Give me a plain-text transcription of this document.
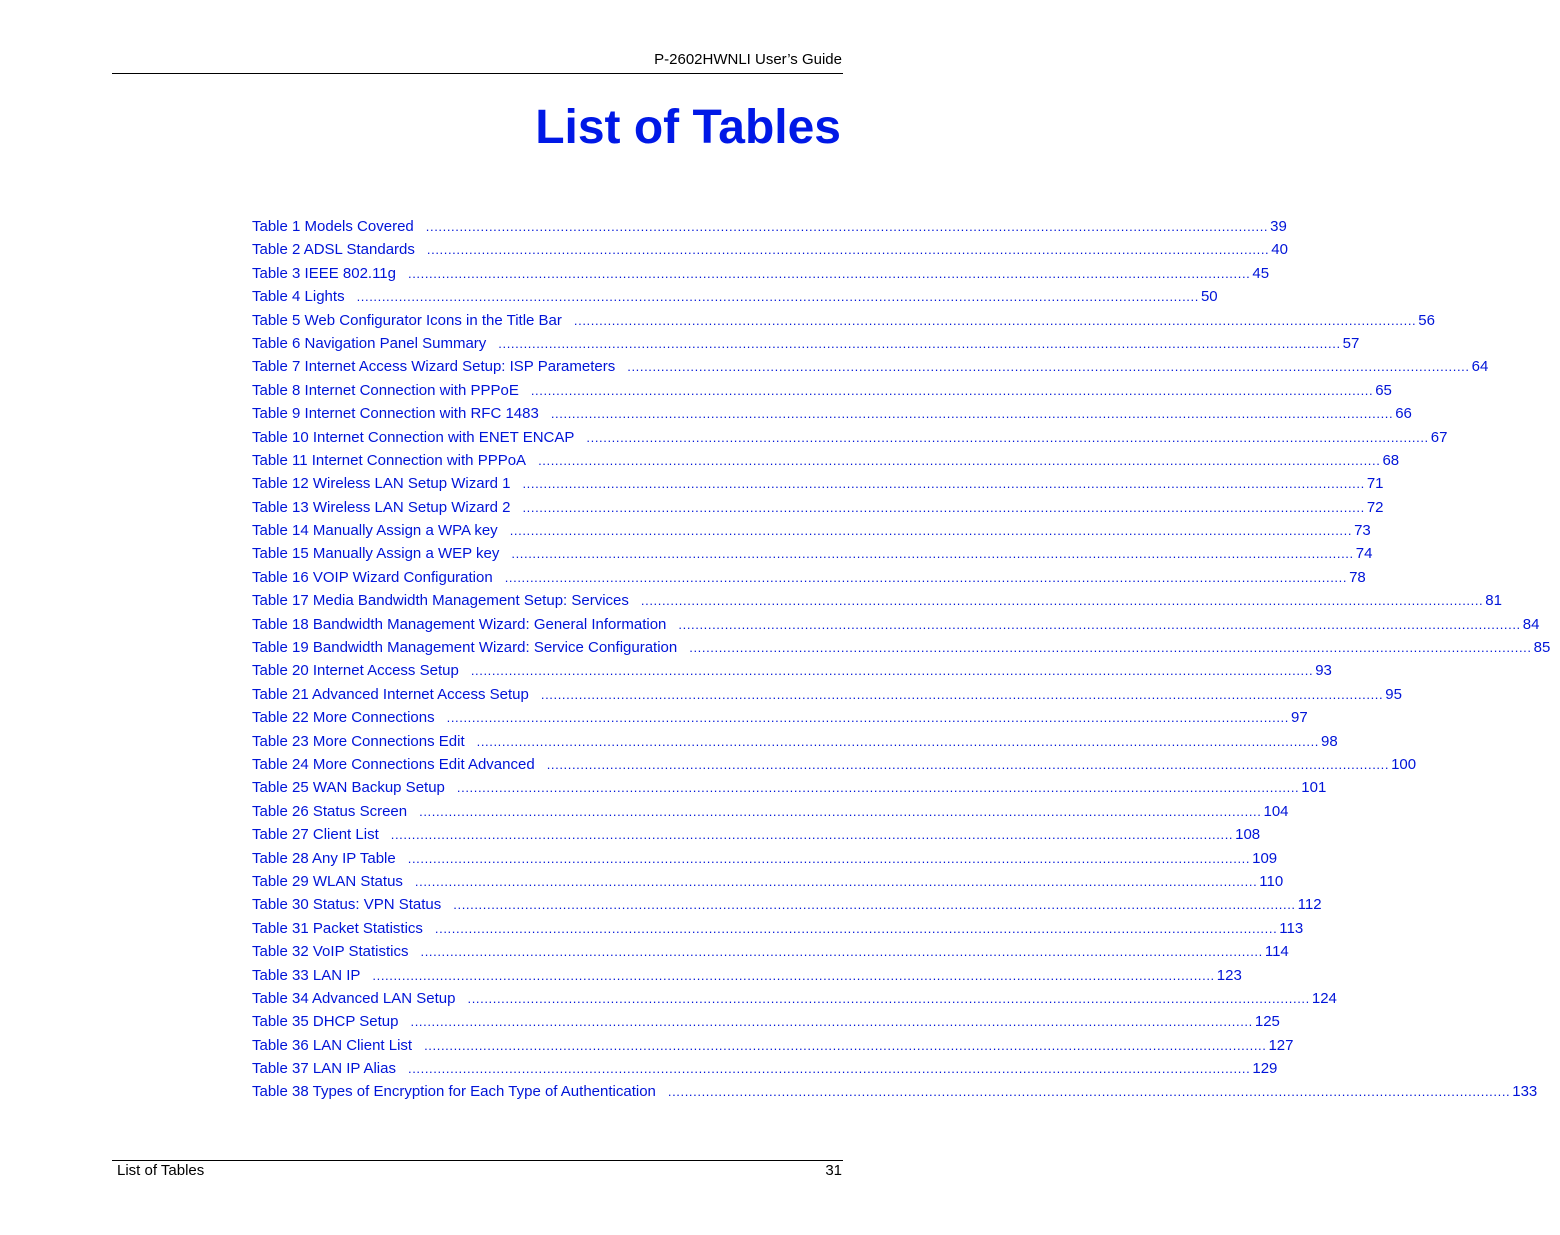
P-2602HWNLI User’s Guide
List of Tables
Table 1 Models Covered ........................................................................................................................................................................................................ 39
Table 2 ADSL Standards ........................................................................................................................................................................................................ 40
Table 3 IEEE 802.11g ........................................................................................................................................................................................................ 45
Table 4 Lights ........................................................................................................................................................................................................ 50
Table 5 Web Configurator Icons in the Title Bar ........................................................................................................................................................................................................ 56
Table 6 Navigation Panel Summary ........................................................................................................................................................................................................ 57
Table 7 Internet Access Wizard Setup: ISP Parameters ........................................................................................................................................................................................................ 64
Table 8 Internet Connection with PPPoE ........................................................................................................................................................................................................ 65
Table 9 Internet Connection with RFC 1483 ........................................................................................................................................................................................................ 66
Table 10 Internet Connection with ENET ENCAP ........................................................................................................................................................................................................ 67
Table 11 Internet Connection with PPPoA ........................................................................................................................................................................................................ 68
Table 12 Wireless LAN Setup Wizard 1 ........................................................................................................................................................................................................ 71
Table 13 Wireless LAN Setup Wizard 2 ........................................................................................................................................................................................................ 72
Table 14 Manually Assign a WPA key ........................................................................................................................................................................................................ 73
Table 15 Manually Assign a WEP key ........................................................................................................................................................................................................ 74
Table 16 VOIP Wizard Configuration ........................................................................................................................................................................................................ 78
Table 17 Media Bandwidth Management Setup: Services ........................................................................................................................................................................................................ 81
Table 18 Bandwidth Management Wizard: General Information ........................................................................................................................................................................................................ 84
Table 19 Bandwidth Management Wizard: Service Configuration ........................................................................................................................................................................................................ 85
Table 20 Internet Access Setup ........................................................................................................................................................................................................ 93
Table 21 Advanced Internet Access Setup ........................................................................................................................................................................................................ 95
Table 22 More Connections ........................................................................................................................................................................................................ 97
Table 23 More Connections Edit ........................................................................................................................................................................................................ 98
Table 24 More Connections Edit Advanced ........................................................................................................................................................................................................ 100
Table 25 WAN Backup Setup ........................................................................................................................................................................................................ 101
Table 26 Status Screen ........................................................................................................................................................................................................ 104
Table 27 Client List ........................................................................................................................................................................................................ 108
Table 28 Any IP Table ........................................................................................................................................................................................................ 109
Table 29 WLAN Status ........................................................................................................................................................................................................ 110
Table 30 Status: VPN Status ........................................................................................................................................................................................................ 112
Table 31 Packet Statistics ........................................................................................................................................................................................................ 113
Table 32 VoIP Statistics ........................................................................................................................................................................................................ 114
Table 33 LAN IP ........................................................................................................................................................................................................ 123
Table 34 Advanced LAN Setup ........................................................................................................................................................................................................ 124
Table 35 DHCP Setup ........................................................................................................................................................................................................ 125
Table 36 LAN Client List ........................................................................................................................................................................................................ 127
Table 37 LAN IP Alias ........................................................................................................................................................................................................ 129
Table 38 Types of Encryption for Each Type of Authentication ........................................................................................................................................................................................................ 133
List of Tables	31
